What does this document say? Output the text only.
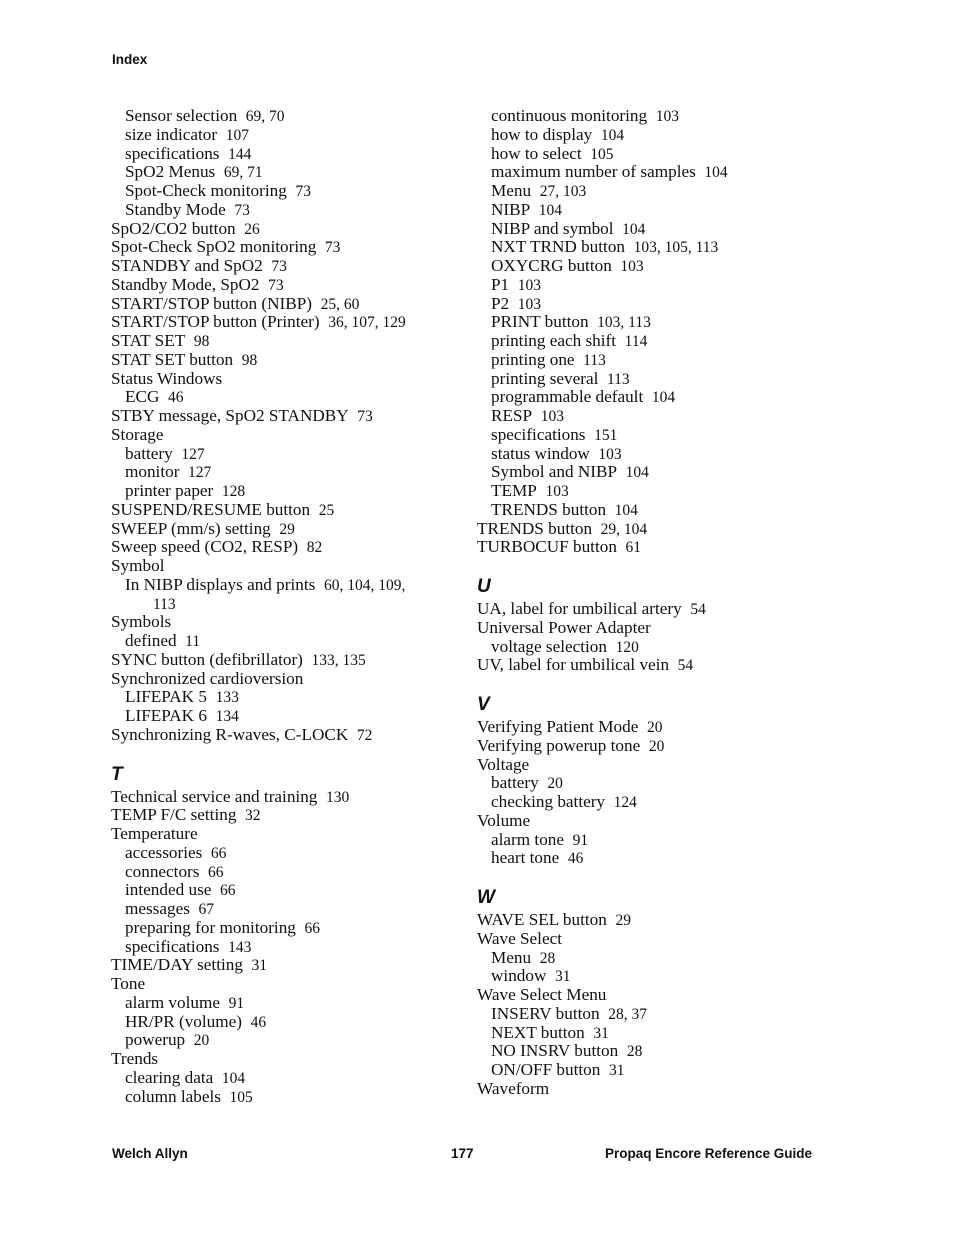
Index
Sensor selection 69, 70
size indicator 107
specifications 144
SpO2 Menus 69, 71
Spot-Check monitoring 73
Standby Mode 73
SpO2/CO2 button 26
Spot-Check SpO2 monitoring 73
STANDBY and SpO2 73
Standby Mode, SpO2 73
START/STOP button (NIBP) 25, 60
START/STOP button (Printer) 36, 107, 129
STAT SET 98
STAT SET button 98
Status Windows
ECG 46
STBY message, SpO2 STANDBY 73
Storage
battery 127
monitor 127
printer paper 128
SUSPEND/RESUME button 25
SWEEP (mm/s) setting 29
Sweep speed (CO2, RESP) 82
Symbol
In NIBP displays and prints 60, 104, 109,
113
Symbols
defined 11
SYNC button (defibrillator) 133, 135
Synchronized cardioversion
LIFEPAK 5 133
LIFEPAK 6 134
Synchronizing R-waves, C-LOCK 72
T
Technical service and training 130
TEMP F/C setting 32
Temperature
accessories 66
connectors 66
intended use 66
messages 67
preparing for monitoring 66
specifications 143
TIME/DAY setting 31
Tone
alarm volume 91
HR/PR (volume) 46
powerup 20
Trends
clearing data 104
column labels 105
continuous monitoring 103
how to display 104
how to select 105
maximum number of samples 104
Menu 27, 103
NIBP 104
NIBP and symbol 104
NXT TRND button 103, 105, 113
OXYCRG button 103
P1 103
P2 103
PRINT button 103, 113
printing each shift 114
printing one 113
printing several 113
programmable default 104
RESP 103
specifications 151
status window 103
Symbol and NIBP 104
TEMP 103
TRENDS button 104
TRENDS button 29, 104
TURBOCUF button 61
U
UA, label for umbilical artery 54
Universal Power Adapter
voltage selection 120
UV, label for umbilical vein 54
V
Verifying Patient Mode 20
Verifying powerup tone 20
Voltage
battery 20
checking battery 124
Volume
alarm tone 91
heart tone 46
W
WAVE SEL button 29
Wave Select
Menu 28
window 31
Wave Select Menu
INSERV button 28, 37
NEXT button 31
NO INSRV button 28
ON/OFF button 31
Waveform
Welch Allyn	177	Propaq Encore Reference Guide
